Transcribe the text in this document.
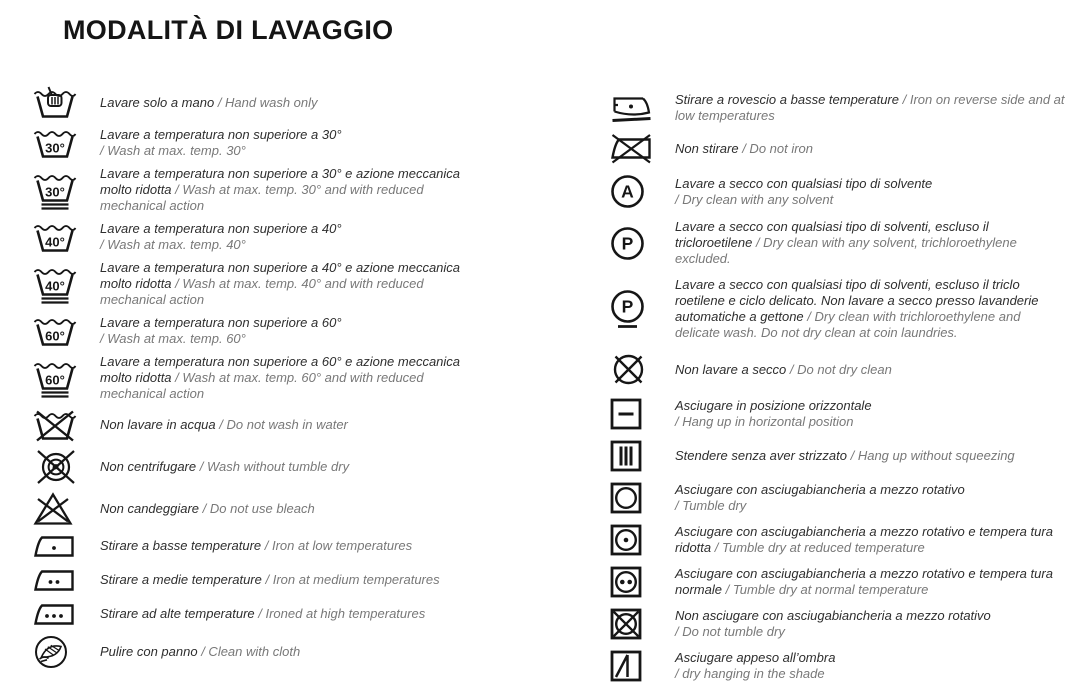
MODALITÀ DI LAVAGGIO
Lavare solo a mano / Hand wash only
30°
Lavare a temperatura non superiore a 30°
/ Wash at max. temp. 30°
30°
Lavare a temperatura non superiore a 30° e azione meccanica molto ridotta / Wash at max. temp. 30° and with reduced mechanical action
40°
Lavare a temperatura non superiore a 40°
/ Wash at max. temp. 40°
40°
Lavare a temperatura non superiore a 40° e azione meccanica molto ridotta / Wash at max. temp. 40° and with reduced mechanical action
60°
Lavare a temperatura non superiore a 60°
/ Wash at max. temp. 60°
60°
Lavare a temperatura non superiore a 60° e azione meccanica molto ridotta / Wash at max. temp. 60° and with reduced mechanical action
Non lavare in acqua / Do not wash in water
Non centrifugare / Wash without tumble dry
Non candeggiare / Do not use bleach
Stirare a basse temperature / Iron at low temperatures
Stirare a medie temperature / Iron at medium temperatures
Stirare ad alte temperature / Ironed at high temperatures
Pulire con panno / Clean with cloth
Stirare a rovescio a basse temperature / Iron on reverse side and at low temperatures
Non stirare / Do not iron
A	Lavare a secco con qualsiasi tipo di solvente
/ Dry clean with any solvent
P
Lavare a secco con qualsiasi tipo di solventi, escluso il tricloroetilene / Dry clean with any solvent, trichloroethylene excluded.
P
Lavare a secco con qualsiasi tipo di solventi, escluso il triclo roetilene e ciclo delicato. Non lavare a secco presso lavanderie automatiche a gettone / Dry clean with trichloroethylene and delicate wash. Do not dry clean at coin laundries.
Non lavare a secco / Do not dry clean
Asciugare in posizione orizzontale
/ Hang up in horizontal position
Stendere senza aver strizzato / Hang up without squeezing
Asciugare con asciugabiancheria a mezzo rotativo
/ Tumble dry
Asciugare con asciugabiancheria a mezzo rotativo e tempera tura ridotta / Tumble dry at reduced temperature
Asciugare con asciugabiancheria a mezzo rotativo e tempera tura normale / Tumble dry at normal temperature
Non asciugare con asciugabiancheria a mezzo rotativo
/ Do not tumble dry
Asciugare appeso all’ombra
/ dry hanging in the shade
